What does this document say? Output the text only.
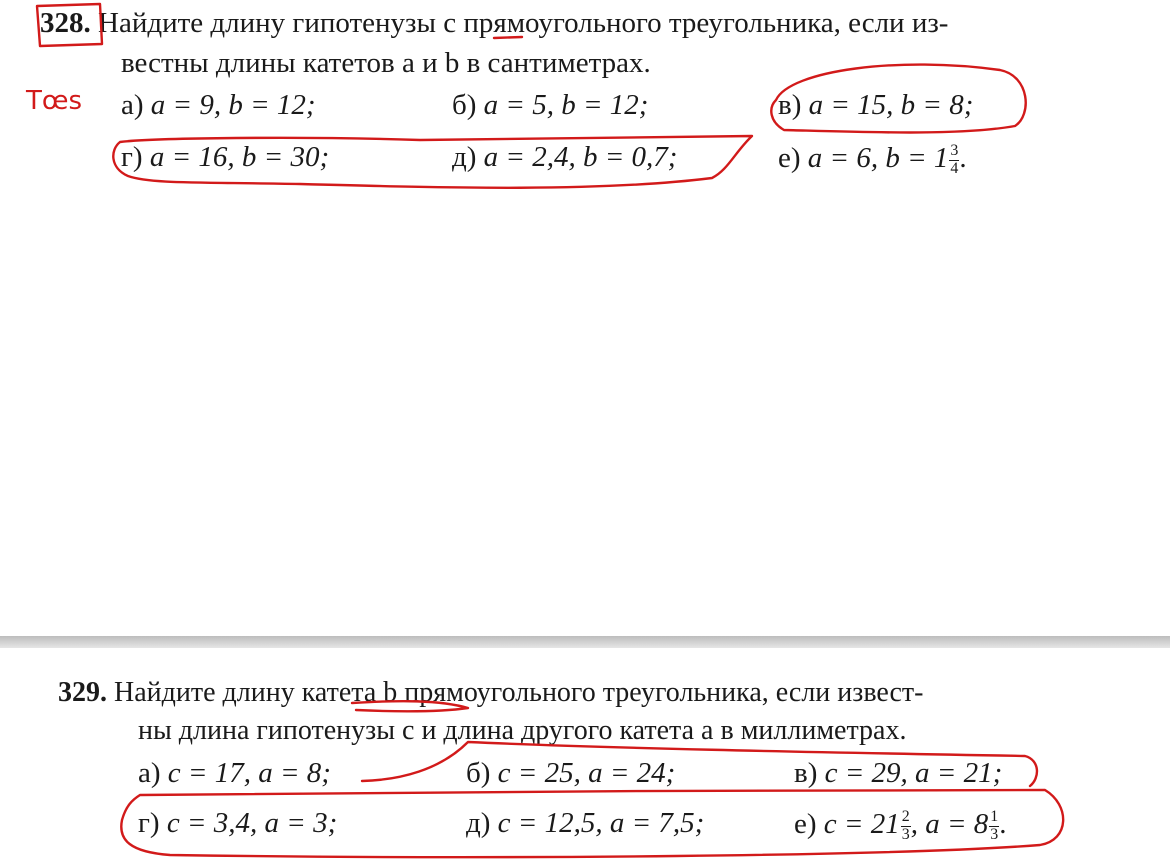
328. Найдите длину гипотенузы c прямоугольного треугольника, если из-
вестны длины катетов a и b в сантиметрах.
а) a = 9, b = 12;	б) a = 5, b = 12;	в) a = 15, b = 8;
г) a = 16, b = 30;	д) a = 2,4, b = 0,7;	е) a = 6, $b = 1 \frac{3}{4}$ .
Tœs
329. Найдите длину катета b прямоугольного треугольника, если извест-
ны длина гипотенузы c и длина другого катета a в миллиметрах.
а) c = 17, a = 8;	б) c = 25, a = 24;	в) c = 29, a = 21;
г) c = 3,4, a = 3;	д) c = 12,5, a = 7,5;	е) $c = 21 \frac{2}{3}$ , $a = 8 \frac{1}{3}$ .
